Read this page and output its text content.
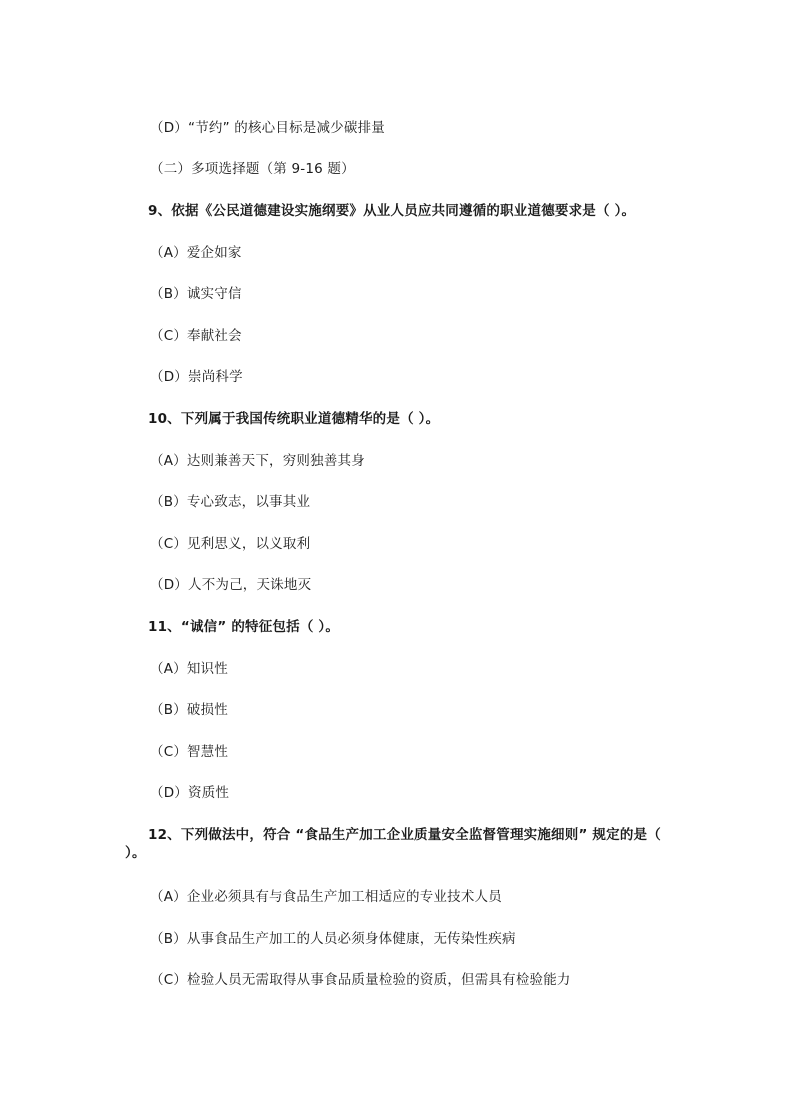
（D）“节约” 的核心目标是减少碳排量
（二）多项选择题（第 9-16 题）
9、依据《公民道德建设实施纲要》从业人员应共同遵循的职业道德要求是（ ）。
（A）爱企如家
（B）诚实守信
（C）奉献社会
（D）崇尚科学
10、下列属于我国传统职业道德精华的是（ ）。
（A）达则兼善天下，穷则独善其身
（B）专心致志，以事其业
（C）见利思义，以义取利
（D）人不为己，天诛地灭
11、“诚信” 的特征包括（ ）。
（A）知识性
（B）破损性
（C）智慧性
（D）资质性
12、下列做法中，符合 “食品生产加工企业质量安全监督管理实施细则” 规定的是（ ）。
（A）企业必须具有与食品生产加工相适应的专业技术人员
（B）从事食品生产加工的人员必须身体健康，无传染性疾病
（C）检验人员无需取得从事食品质量检验的资质，但需具有检验能力
